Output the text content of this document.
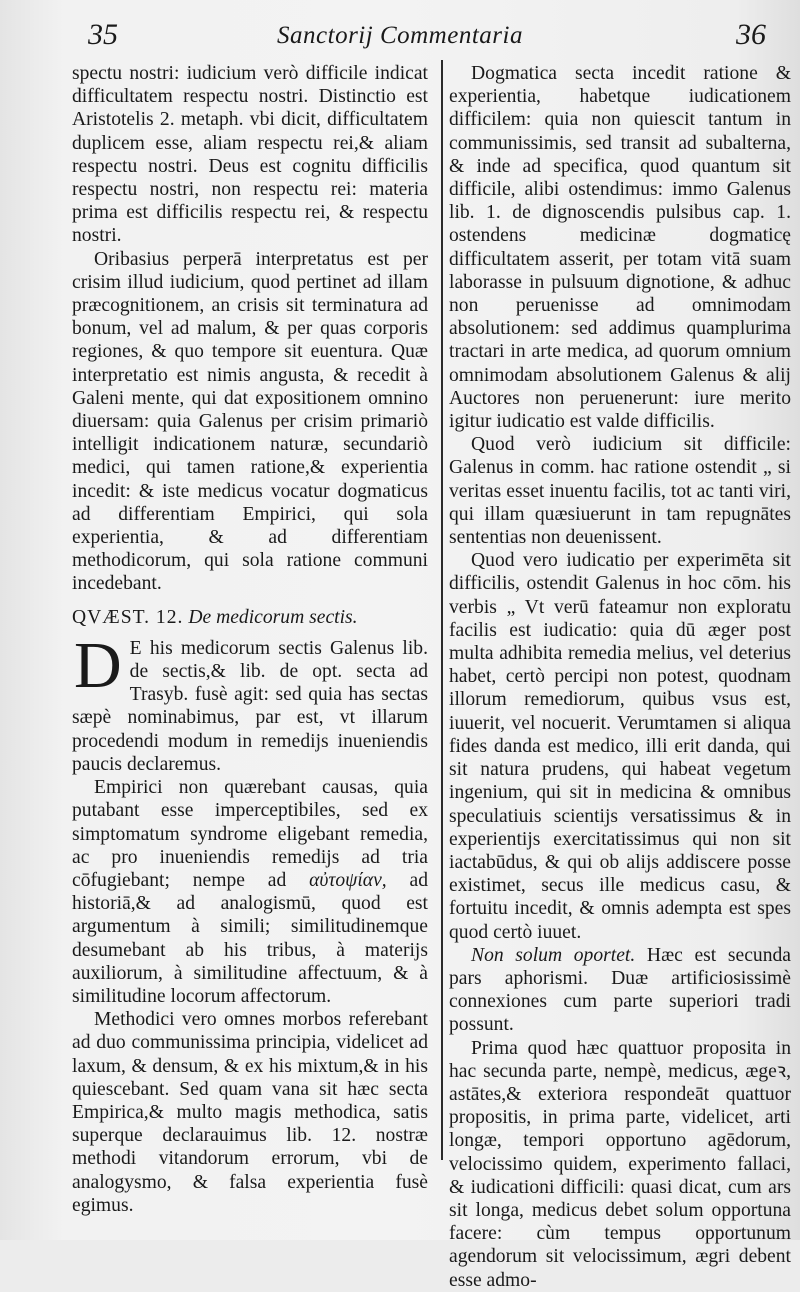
35	Sanctorij Commentaria	36

spectu nostri: iudicium verò difficile indicat difficultatem respectu nostri. Distinctio est Aristotelis 2. metaph. vbi dicit, difficultatem duplicem esse, aliam respectu rei,& aliam respectu nostri. Deus est cognitu difficilis respectu nostri, non respectu rei: materia prima est difficilis respectu rei, & respectu nostri.

Oribasius perperā interpretatus est per crisim illud iudicium, quod pertinet ad illam præcognitionem, an crisis sit terminatura ad bonum, vel ad malum, & per quas corporis regiones, & quo tempore sit euentura. Quæ interpretatio est nimis angusta, & recedit à Galeni mente, qui dat expositionem omnino diuersam: quia Galenus per crisim primariò intelligit indicationem naturæ, secundariò medici, qui tamen ratione,& experientia incedit: & iste medicus vocatur dogmaticus ad differentiam Empirici, qui sola experientia, & ad differentiam methodicorum, qui sola ratione communi incedebant.

QVÆST. 12. De medicorum sectis.

DE his medicorum sectis Galenus lib. de sectis,& lib. de opt. secta ad Trasyb. fusè agit: sed quia has sectas sæpè nominabimus, par est, vt illarum procedendi modum in remedijs inueniendis paucis declaremus.

Empirici non quærebant causas, quia putabant esse imperceptibiles, sed ex simptomatum syndrome eligebant remedia, ac pro inueniendis remedijs ad tria cōfugiebant; nempe ad αὐτοψίαν, ad historiā,& ad analogismū, quod est argumentum à simili; similitudinemque desumebant ab his tribus, à materijs auxiliorum, à similitudine affectuum, & à similitudine locorum affectorum.

Methodici vero omnes morbos referebant ad duo communissima principia, videlicet ad laxum, & densum, & ex his mixtum,& in his quiescebant. Sed quam vana sit hæc secta Empirica,& multo magis methodica, satis superque declarauimus lib. 12. nostræ methodi vitandorum errorum, vbi de analogysmo, & falsa experientia fusè egimus.

Dogmatica secta incedit ratione & experientia, habetque iudicationem difficilem: quia non quiescit tantum in communissimis, sed transit ad subalterna, & inde ad specifica, quod quantum sit difficile, alibi ostendimus: immo Galenus lib. 1. de dignoscendis pulsibus cap. 1. ostendens medicinæ dogmaticę difficultatem asserit, per totam vitā suam laborasse in pulsuum dignotione, & adhuc non peruenisse ad omnimodam absolutionem: sed addimus quamplurima tractari in arte medica, ad quorum omnium omnimodam absolutionem Galenus & alij Auctores non peruenerunt: iure merito igitur iudicatio est valde difficilis.

Quod verò iudicium sit difficile: Galenus in comm. hac ratione ostendit „ si veritas esset inuentu facilis, tot ac tanti viri, qui illam quæsiuerunt in tam repugnātes sententias non deuenissent.

Quod vero iudicatio per experimēta sit difficilis, ostendit Galenus in hoc cōm. his verbis „ Vt verū fateamur non exploratu facilis est iudicatio: quia dū æger post multa adhibita remedia melius, vel deterius habet, certò percipi non potest, quodnam illorum remediorum, quibus vsus est, iuuerit, vel nocuerit. Verumtamen si aliqua fides danda est medico, illi erit danda, qui sit natura prudens, qui habeat vegetum ingenium, qui sit in medicina & omnibus speculatiuis scientijs versatissimus & in experientijs exercitatissimus qui non sit iactabūdus, & qui ob alijs addiscere posse existimet, secus ille medicus casu, & fortuitu incedit, & omnis adempta est spes quod certò iuuet.

Non solum oportet. Hæc est secunda pars aphorismi. Duæ artificiosissimè connexiones cum parte superiori tradi possunt.

Prima quod hæc quattuor proposita in hac secunda parte, nempè, medicus, ægeꝛ, astātes,& exteriora respondeāt quattuor propositis, in prima parte, videlicet, arti longæ, tempori opportuno agēdorum, velocissimo quidem, experimento fallaci, & iudicationi difficili: quasi dicat, cum ars sit longa, medicus debet solum opportuna facere: cùm tempus opportunum agendorum sit velocissimum, ægri debent esse admo-
